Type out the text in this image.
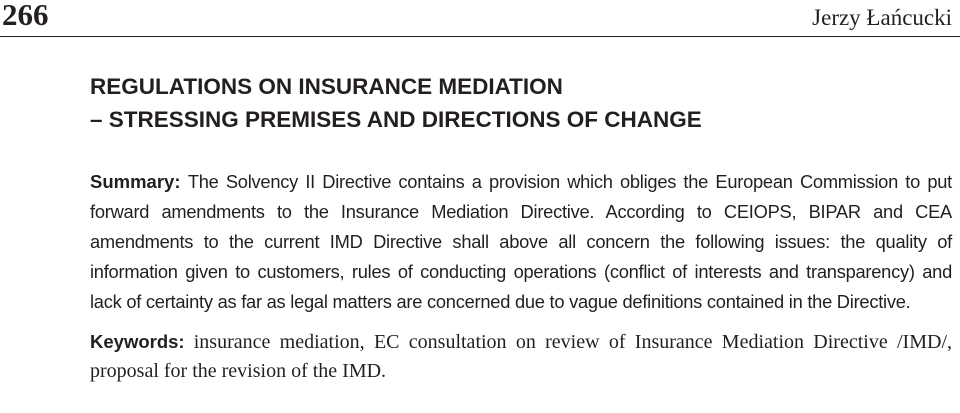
266	Jerzy Łańcucki
REGULATIONS ON INSURANCE MEDIATION
– STRESSING PREMISES AND DIRECTIONS OF CHANGE

Summary: The Solvency II Directive contains a provision which obliges the European Commission to put forward amendments to the Insurance Mediation Directive. According to CEIOPS, BIPAR and CEA amendments to the current IMD Directive shall above all concern the following issues: the quality of information given to customers, rules of conducting operations (conflict of interests and transparency) and lack of certainty as far as legal matters are concerned due to vague definitions contained in the Directive.

Keywords: insurance mediation, EC consultation on review of Insurance Mediation Directive /IMD/, proposal for the revision of the IMD.
